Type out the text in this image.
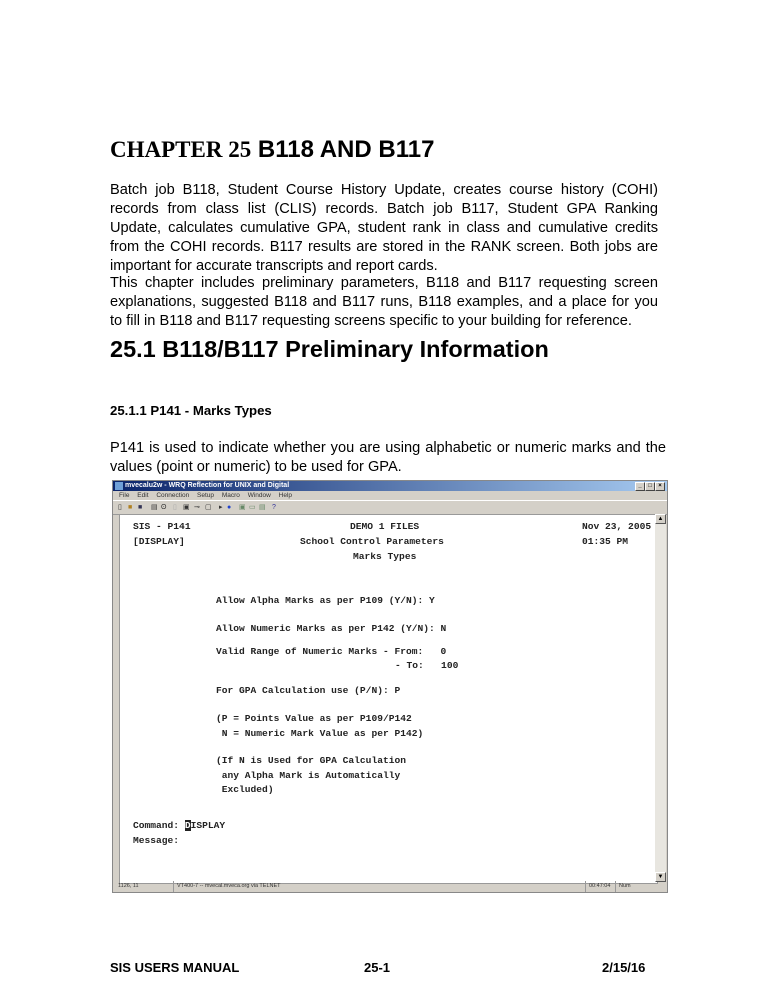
CHAPTER 25 B118 AND B117
Batch job B118, Student Course History Update, creates course history (COHI) records from class list (CLIS) records. Batch job B117, Student GPA Ranking Update, calculates cumulative GPA, student rank in class and cumulative credits from the COHI records. B117 results are stored in the RANK screen. Both jobs are important for accurate transcripts and report cards.
This chapter includes preliminary parameters, B118 and B117 requesting screen explanations, suggested B118 and B117 runs, B118 examples, and a place for you to fill in B118 and B117 requesting screens specific to your building for reference.
25.1 B118/B117 Preliminary Information
25.1.1 P141 - Marks Types
P141 is used to indicate whether you are using alphabetic or numeric marks and the values (point or numeric) to be used for GPA.
mvecalu2w - WRQ Reflection for UNIX and Digital	_	□	×
File Edit Connection Setup Macro Window Help
▯ ■ ■	▤ ʘ ▯ ▣ ⊸ ▢ ▸ ●	▣ ▭ ▤ ?
SIS - P141	DEMO 1 FILES	Nov 23, 2005
[DISPLAY]	School Control Parameters	01:35 PM
Marks Types
Allow Alpha Marks as per P109 (Y/N): Y
Allow Numeric Marks as per P142 (Y/N): N
Valid Range of Numeric Marks - From:   0
- To:   100
For GPA Calculation use (P/N): P
(P = Points Value as per P109/P142
N = Numeric Mark Value as per P142)
(If N is Used for GPA Calculation
any Alpha Mark is Automatically
Excluded)
Command: DISPLAY
Message:
▲
▼
1126, 11	VT400-7 -- mvecal.mveca.org via TELNET	00:47:04	Num
SIS USERS MANUAL	25-1	2/15/16
